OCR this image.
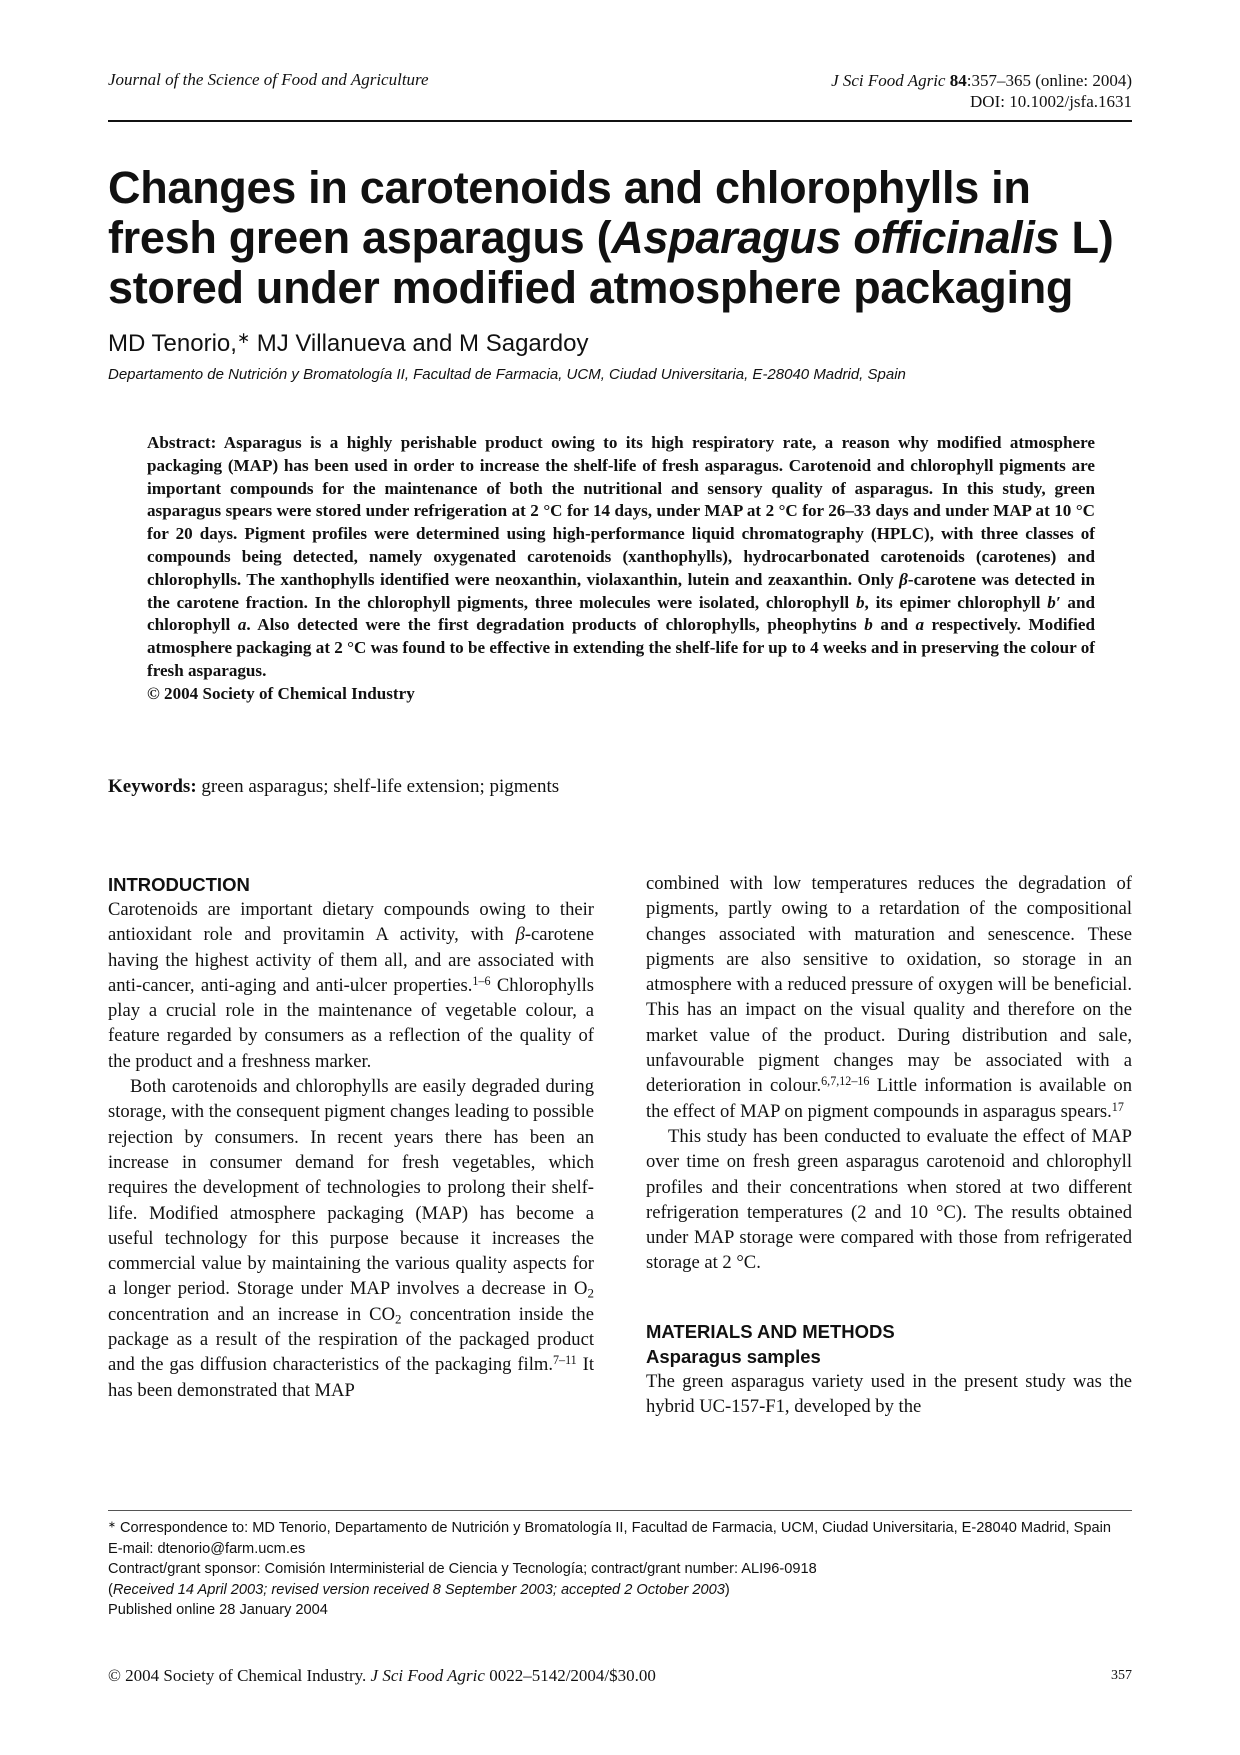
Journal of the Science of Food and Agriculture	J Sci Food Agric 84:357–365 (online: 2004)
DOI: 10.1002/jsfa.1631
Changes in carotenoids and chlorophylls in
fresh green asparagus (Asparagus officinalis L)
stored under modified atmosphere packaging
MD Tenorio,∗ MJ Villanueva and M Sagardoy
Departamento de Nutrición y Bromatología II, Facultad de Farmacia, UCM, Ciudad Universitaria, E-28040 Madrid, Spain

Abstract: Asparagus is a highly perishable product owing to its high respiratory rate, a reason why modified atmosphere packaging (MAP) has been used in order to increase the shelf-life of fresh asparagus. Carotenoid and chlorophyll pigments are important compounds for the maintenance of both the nutritional and sensory quality of asparagus. In this study, green asparagus spears were stored under refrigeration at 2 °C for 14 days, under MAP at 2 °C for 26–33 days and under MAP at 10 °C for 20 days. Pigment profiles were determined using high-performance liquid chromatography (HPLC), with three classes of compounds being detected, namely oxygenated carotenoids (xanthophylls), hydrocarbonated carotenoids (carotenes) and chlorophylls. The xanthophylls identified were neoxanthin, violaxanthin, lutein and zeaxanthin. Only β-carotene was detected in the carotene fraction. In the chlorophyll pigments, three molecules were isolated, chlorophyll b, its epimer chlorophyll b′ and chlorophyll a. Also detected were the first degradation products of chlorophylls, pheophytins b and a respectively. Modified atmosphere packaging at 2 °C was found to be effective in extending the shelf-life for up to 4 weeks and in preserving the colour of fresh asparagus.

© 2004 Society of Chemical Industry

Keywords: green asparagus; shelf-life extension; pigments
INTRODUCTION

Carotenoids are important dietary compounds owing to their antioxidant role and provitamin A activity, with β-carotene having the highest activity of them all, and are associated with anti-cancer, anti-aging and anti-ulcer properties.$^{1-6}$ Chlorophylls play a crucial role in the maintenance of vegetable colour, a feature regarded by consumers as a reflection of the quality of the product and a freshness marker.

Both carotenoids and chlorophylls are easily degraded during storage, with the consequent pigment changes leading to possible rejection by consumers. In recent years there has been an increase in consumer demand for fresh vegetables, which requires the development of technologies to prolong their shelf-life. Modified atmosphere packaging (MAP) has become a useful technology for this purpose because it increases the commercial value by maintaining the various quality aspects for a longer period. Storage under MAP involves a decrease in $O_2$ concentration and an increase in $CO_2$ concentration inside the package as a result of the respiration of the packaged product and the gas diffusion characteristics of the packaging film.$^{7-11}$ It has been demonstrated that MAP

combined with low temperatures reduces the degradation of pigments, partly owing to a retardation of the compositional changes associated with maturation and senescence. These pigments are also sensitive to oxidation, so storage in an atmosphere with a reduced pressure of oxygen will be beneficial. This has an impact on the visual quality and therefore on the market value of the product. During distribution and sale, unfavourable pigment changes may be associated with a deterioration in colour.$^{6,7,12-16}$ Little information is available on the effect of MAP on pigment compounds in asparagus spears.$^{17}$

This study has been conducted to evaluate the effect of MAP over time on fresh green asparagus carotenoid and chlorophyll profiles and their concentrations when stored at two different refrigeration temperatures (2 and 10 °C). The results obtained under MAP storage were compared with those from refrigerated storage at 2 °C.

MATERIALS AND METHODS
Asparagus samples

The green asparagus variety used in the present study was the hybrid UC-157-F1, developed by the

∗ Correspondence to: MD Tenorio, Departamento de Nutrición y Bromatología II, Facultad de Farmacia, UCM, Ciudad Universitaria, E-28040 Madrid, Spain
E-mail: dtenorio@farm.ucm.es
Contract/grant sponsor: Comisión Interministerial de Ciencia y Tecnología; contract/grant number: ALI96-0918
(Received 14 April 2003; revised version received 8 September 2003; accepted 2 October 2003)
Published online 28 January 2004
© 2004 Society of Chemical Industry. J Sci Food Agric 0022–5142/2004/$30.00	357
